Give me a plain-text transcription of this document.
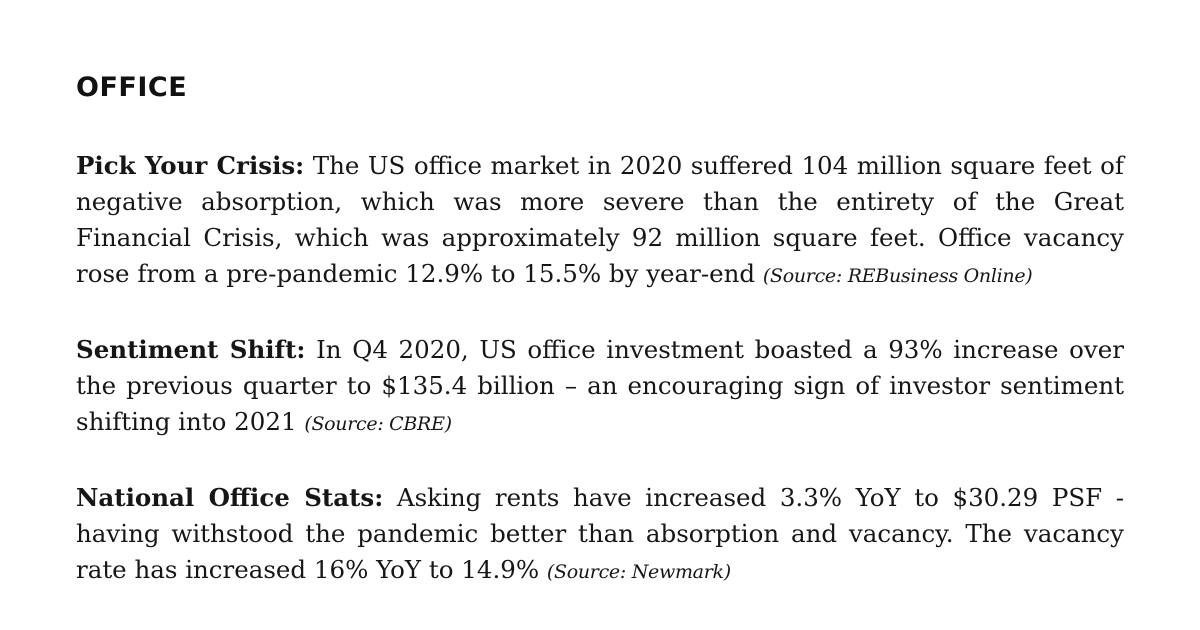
OFFICE

Pick Your Crisis: The US office market in 2020 suffered 104 million square feet of negative absorption, which was more severe than the entirety of the Great Financial Crisis, which was approximately 92 million square feet. Office vacancy rose from a pre-pandemic 12.9% to 15.5% by year-end (Source: REBusiness Online)

Sentiment Shift: In Q4 2020, US office investment boasted a 93% increase over the previous quarter to $135.4 billion – an encouraging sign of investor sentiment shifting into 2021 (Source: CBRE)

National Office Stats: Asking rents have increased 3.3% YoY to $30.29 PSF - having withstood the pandemic better than absorption and vacancy. The vacancy rate has increased 16% YoY to 14.9% (Source: Newmark)
